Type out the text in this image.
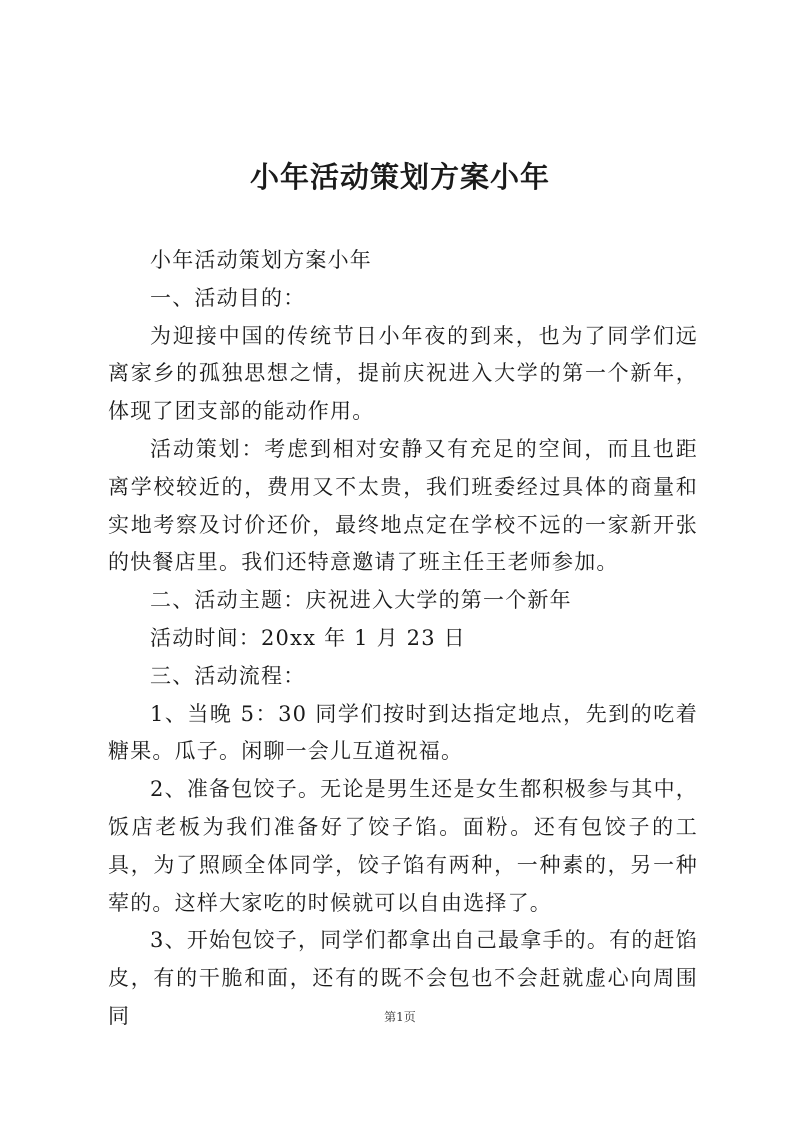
小年活动策划方案小年

小年活动策划方案小年

一、活动目的：

为迎接中国的传统节日小年夜的到来，也为了同学们远离家乡的孤独思想之情，提前庆祝进入大学的第一个新年，体现了团支部的能动作用。

活动策划：考虑到相对安静又有充足的空间，而且也距离学校较近的，费用又不太贵，我们班委经过具体的商量和实地考察及讨价还价，最终地点定在学校不远的一家新开张的快餐店里。我们还特意邀请了班主任王老师参加。

二、活动主题：庆祝进入大学的第一个新年

活动时间：20xx 年 1 月 23 日

三、活动流程：

1、当晚 5：30 同学们按时到达指定地点，先到的吃着糖果。瓜子。闲聊一会儿互道祝福。

2、准备包饺子。无论是男生还是女生都积极参与其中，饭店老板为我们准备好了饺子馅。面粉。还有包饺子的工具，为了照顾全体同学，饺子馅有两种，一种素的，另一种荤的。这样大家吃的时候就可以自由选择了。

3、开始包饺子，同学们都拿出自己最拿手的。有的赶馅皮，有的干脆和面，还有的既不会包也不会赶就虚心向周围同	第1页
